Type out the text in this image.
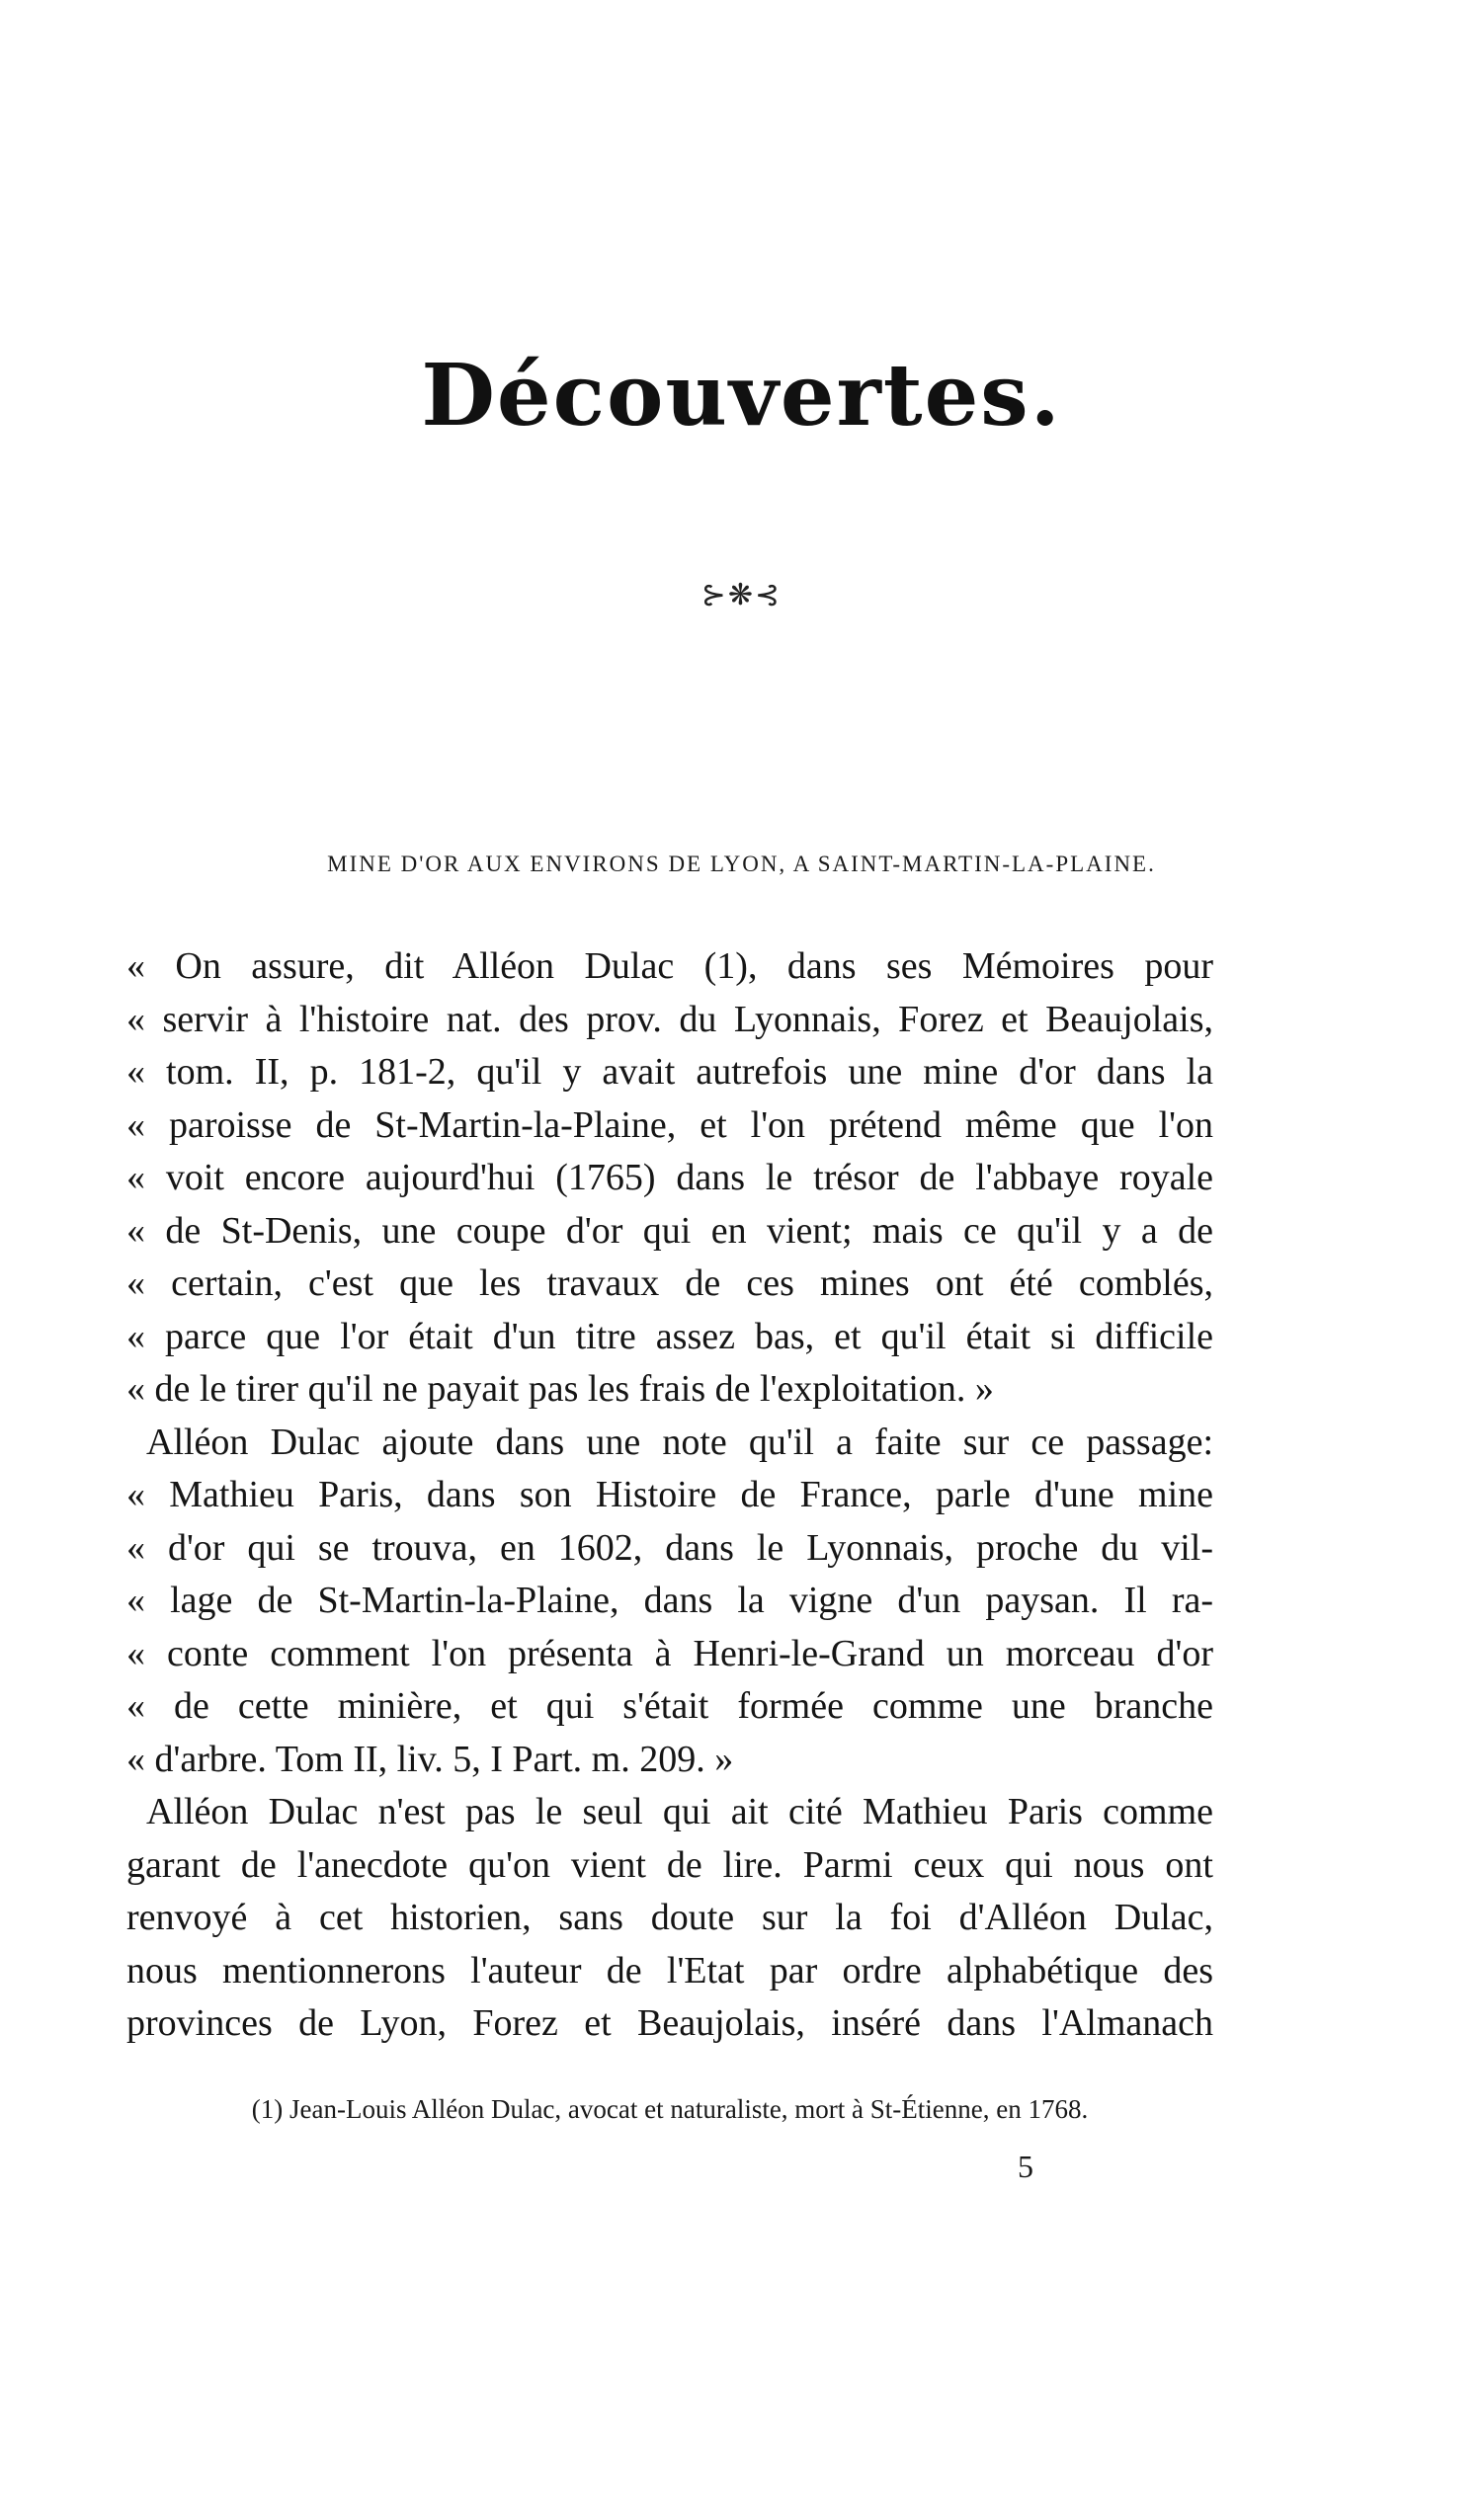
Découvertes.
⊱❋⊰
MINE D'OR AUX ENVIRONS DE LYON, A SAINT-MARTIN-LA-PLAINE.
« On assure, dit Alléon Dulac (1), dans ses Mémoires pour
« servir à l'histoire nat. des prov. du Lyonnais, Forez et Beaujolais,
« tom. II, p. 181-2, qu'il y avait autrefois une mine d'or dans la
« paroisse de St-Martin-la-Plaine, et l'on prétend même que l'on
« voit encore aujourd'hui (1765) dans le trésor de l'abbaye royale
« de St-Denis, une coupe d'or qui en vient; mais ce qu'il y a de
« certain, c'est que les travaux de ces mines ont été comblés,
« parce que l'or était d'un titre assez bas, et qu'il était si difficile
« de le tirer qu'il ne payait pas les frais de l'exploitation. »
Alléon Dulac ajoute dans une note qu'il a faite sur ce passage:
« Mathieu Paris, dans son Histoire de France, parle d'une mine
« d'or qui se trouva, en 1602, dans le Lyonnais, proche du vil-
« lage de St-Martin-la-Plaine, dans la vigne d'un paysan. Il ra-
« conte comment l'on présenta à Henri-le-Grand un morceau d'or
« de cette minière, et qui s'était formée comme une branche
« d'arbre. Tom II, liv. 5, I Part. m. 209. »
Alléon Dulac n'est pas le seul qui ait cité Mathieu Paris comme
garant de l'anecdote qu'on vient de lire. Parmi ceux qui nous ont
renvoyé à cet historien, sans doute sur la foi d'Alléon Dulac,
nous mentionnerons l'auteur de l'Etat par ordre alphabétique des
provinces de Lyon, Forez et Beaujolais, inséré dans l'Almanach
(1) Jean-Louis Alléon Dulac, avocat et naturaliste, mort à St-Étienne, en 1768.
5
